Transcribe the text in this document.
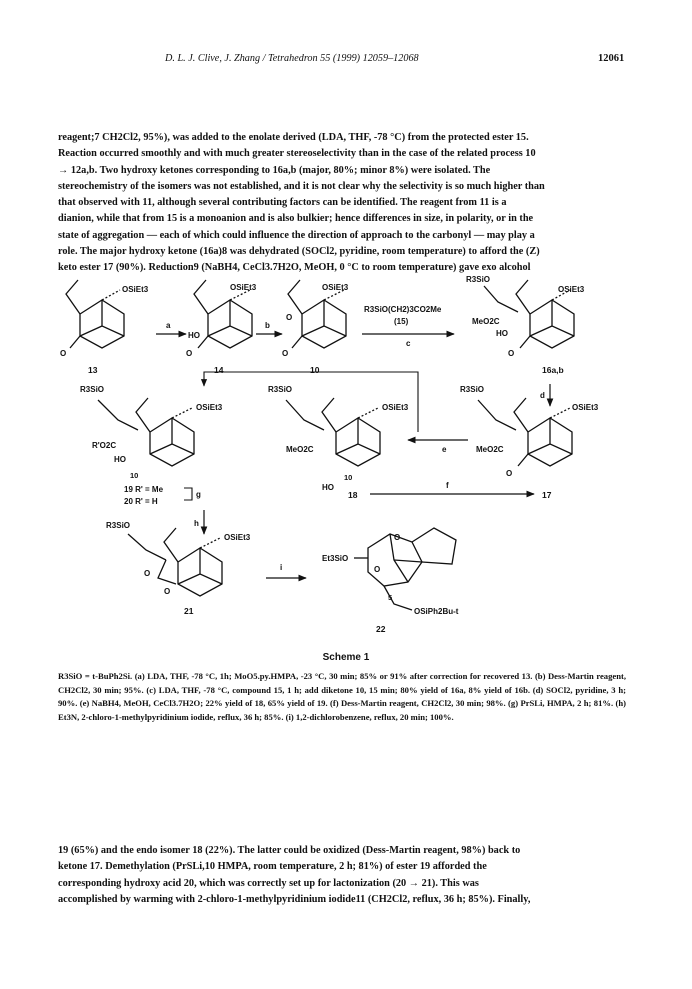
D. L. J. Clive, J. Zhang / Tetrahedron 55 (1999) 12059–12068	12061

reagent;7 CH2Cl2, 95%), was added to the enolate derived (LDA, THF, -78 °C) from the protected ester 15.

Reaction occurred smoothly and with much greater stereoselectivity than in the case of the related process 10

→ 12a,b. Two hydroxy ketones corresponding to 16a,b (major, 80%; minor 8%) were isolated. The

stereochemistry of the isomers was not established, and it is not clear why the selectivity is so much higher than

that observed with 11, although several contributing factors can be identified. The reagent from 11 is a

dianion, while that from 15 is a monoanion and is also bulkier; hence differences in size, in polarity, or in the

state of aggregation — each of which could influence the direction of approach to the carbonyl — may play a

role. The major hydroxy ketone (16a)8 was dehydrated (SOCl2, pyridine, room temperature) to afford the (Z)

keto ester 17 (90%). Reduction9 (NaBH4, CeCl3.7H2O, MeOH, 0 °C to room temperature) gave exo alcohol

OSiEt3
O
13
a
HO
OSiEt3
O
14
b
O
OSiEt3
O
10
R3SiO(CH2)3CO2Me
(15)
c
R3SiO
OSiEt3
MeO2C
HO
O
16a,b
d
R3SiO
OSiEt3
R'O2C
HO
10
19 R' = Me
20 R' = H
g
R3SiO
OSiEt3
MeO2C
10
HO
18
R3SiO
OSiEt3
MeO2C
O
e
f
17
h
R3SiO
OSiEt3
O
O
21
i
Et3SiO
O
O
5
OSiPh2Bu-t
22
Scheme 1
R3SiO = t-BuPh2Si. (a) LDA, THF, -78 °C, 1h; MoO5.py.HMPA, -23 °C, 30 min; 85% or 91% after correction for recovered 13. (b) Dess-Martin reagent, CH2Cl2, 30 min; 95%. (c) LDA, THF, -78 °C, compound 15, 1 h; add diketone 10, 15 min; 80% yield of 16a, 8% yield of 16b. (d) SOCl2, pyridine, 3 h; 90%. (e) NaBH4, MeOH, CeCl3.7H2O; 22% yield of 18, 65% yield of 19. (f) Dess-Martin reagent, CH2Cl2, 30 min; 98%. (g) PrSLi, HMPA, 2 h; 81%. (h) Et3N, 2-chloro-1-methylpyridinium iodide, reflux, 36 h; 85%. (i) 1,2-dichlorobenzene, reflux, 20 min; 100%.

19 (65%) and the endo isomer 18 (22%). The latter could be oxidized (Dess-Martin reagent, 98%) back to

ketone 17. Demethylation (PrSLi,10 HMPA, room temperature, 2 h; 81%) of ester 19 afforded the

corresponding hydroxy acid 20, which was correctly set up for lactonization (20 → 21). This was

accomplished by warming with 2-chloro-1-methylpyridinium iodide11 (CH2Cl2, reflux, 36 h; 85%). Finally,
